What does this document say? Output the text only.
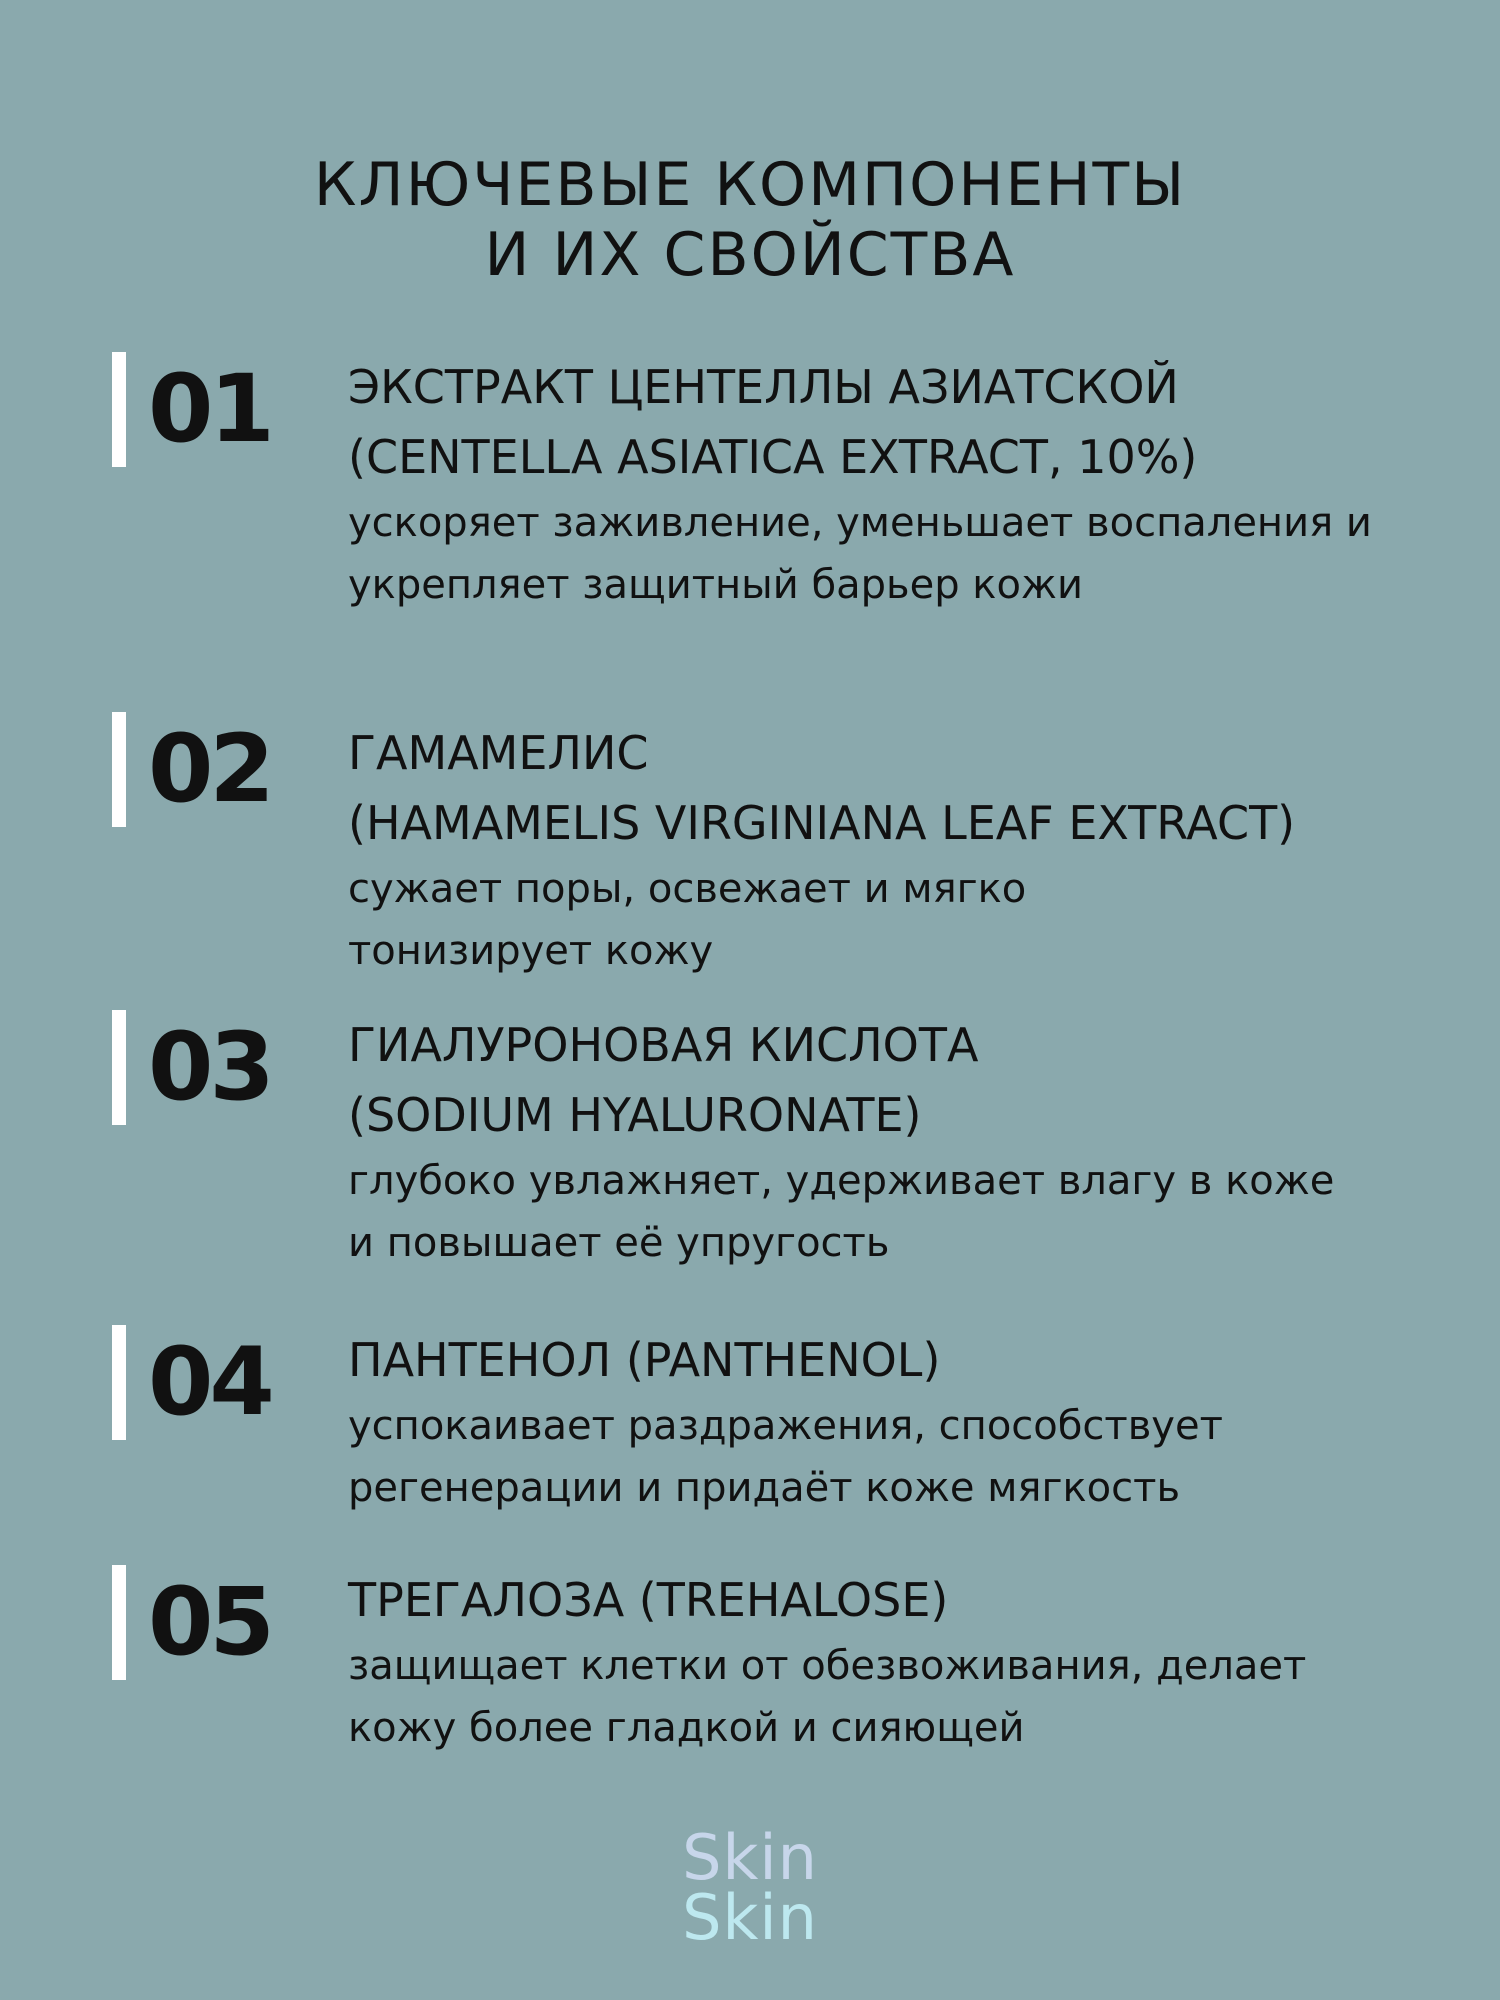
КЛЮЧЕВЫЕ КОМПОНЕНТЫ
И ИХ СВОЙСТВА
01	ЭКСТРАКТ ЦЕНТЕЛЛЫ АЗИАТСКОЙ

(CENTELLA ASIATICA EXTRACT, 10%)

ускоряет заживление, уменьшает воспаления и укрепляет защитный барьер кожи

02	ГАМАМЕЛИС

(HAMAMELIS VIRGINIANA LEAF EXTRACT)

сужает поры, освежает и мягко тонизирует кожу

03	ГИАЛУРОНОВАЯ КИСЛОТА

(SODIUM HYALURONATE)

глубоко увлажняет, удерживает влагу в коже и повышает её упругость

04	ПАНТЕНОЛ (PANTHENOL)

успокаивает раздражения, способствует регенерации и придаёт коже мягкость

05	ТРЕГАЛОЗА (TREHALOSE)

защищает клетки от обезвоживания, делает кожу более гладкой и сияющей

Skin
Skin
